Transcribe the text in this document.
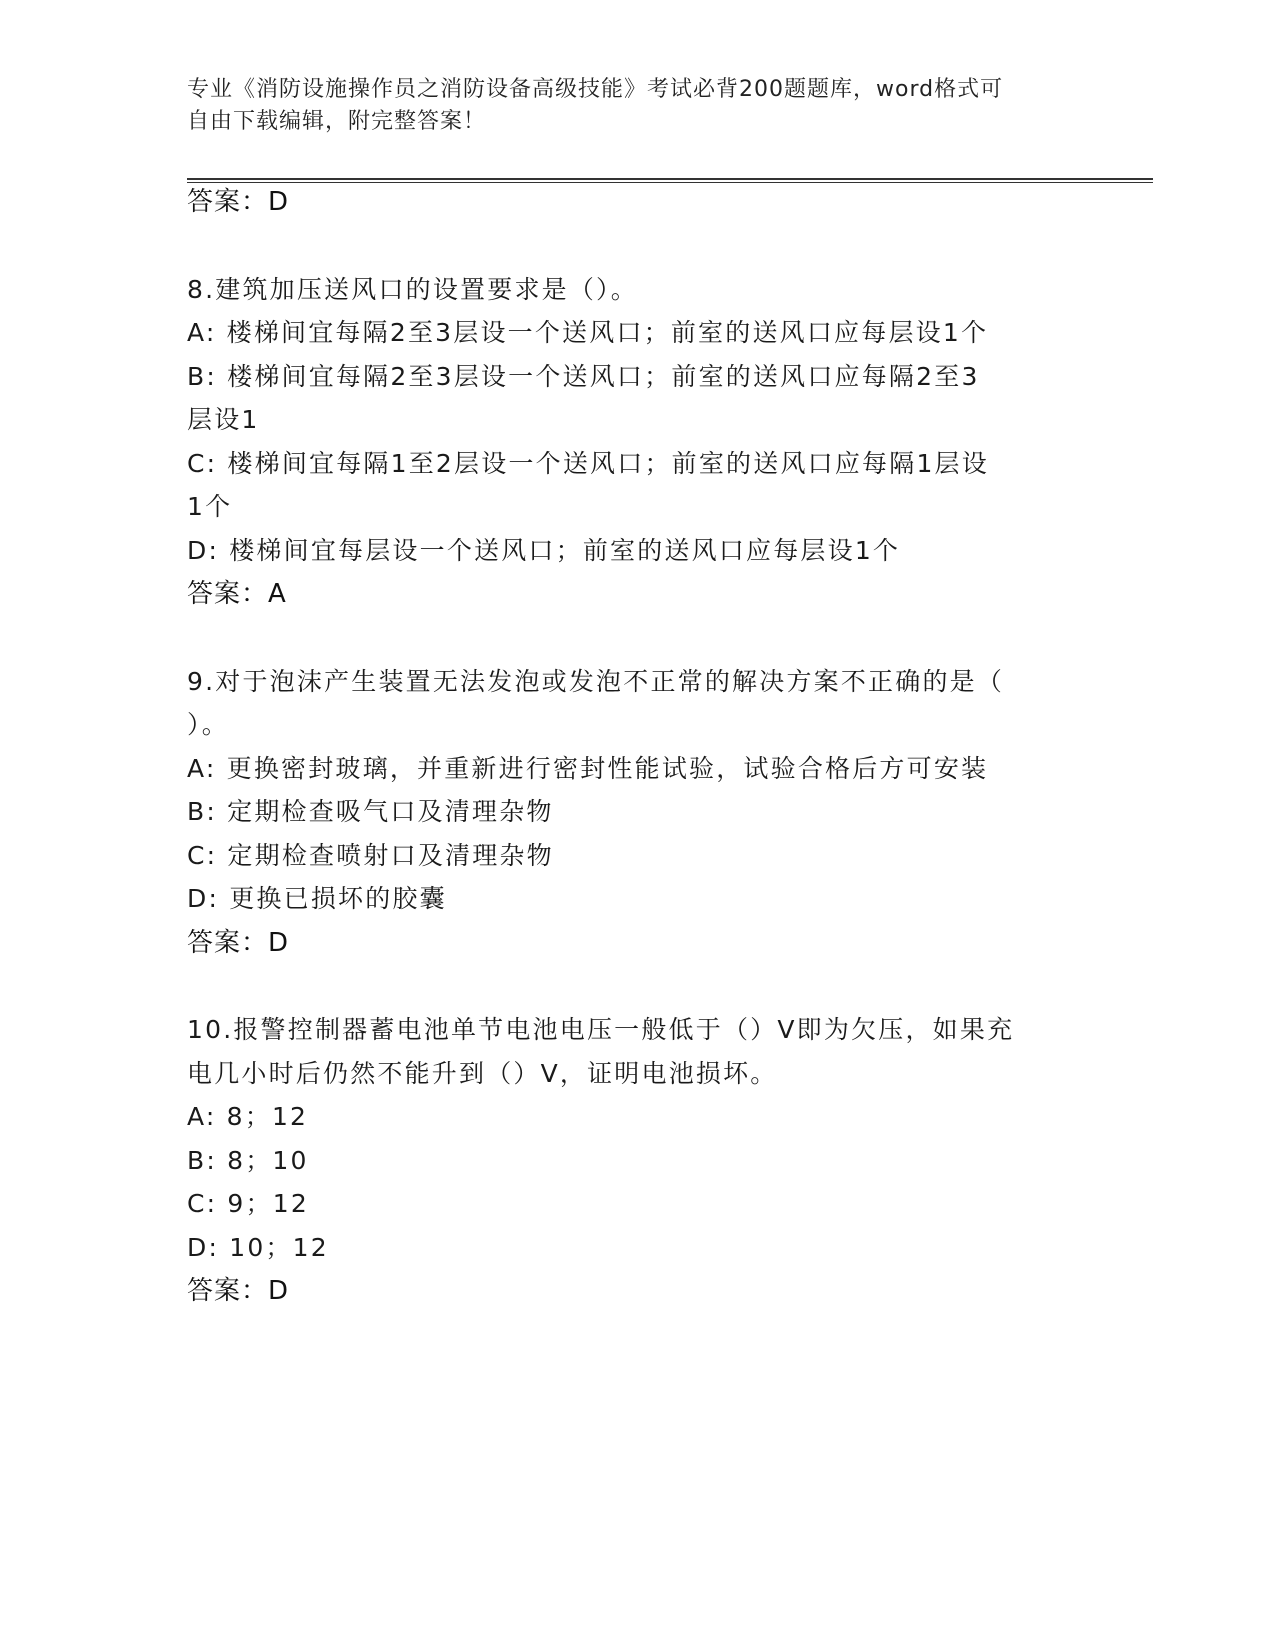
专业《消防设施操作员之消防设备高级技能》考试必背200题题库，word格式可
自由下载编辑，附完整答案！
答案：D
8.建筑加压送风口的设置要求是（）。
A: 楼梯间宜每隔2至3层设一个送风口；前室的送风口应每层设1个
B: 楼梯间宜每隔2至3层设一个送风口；前室的送风口应每隔2至3
层设1
C: 楼梯间宜每隔1至2层设一个送风口；前室的送风口应每隔1层设
1个
D: 楼梯间宜每层设一个送风口；前室的送风口应每层设1个
答案：A
9.对于泡沫产生装置无法发泡或发泡不正常的解决方案不正确的是（
）。
A: 更换密封玻璃，并重新进行密封性能试验，试验合格后方可安装
B: 定期检查吸气口及清理杂物
C: 定期检查喷射口及清理杂物
D: 更换已损坏的胶囊
答案：D
10.报警控制器蓄电池单节电池电压一般低于（）V即为欠压，如果充
电几小时后仍然不能升到（）V，证明电池损坏。
A: 8；12
B: 8；10
C: 9；12
D: 10；12
答案：D
